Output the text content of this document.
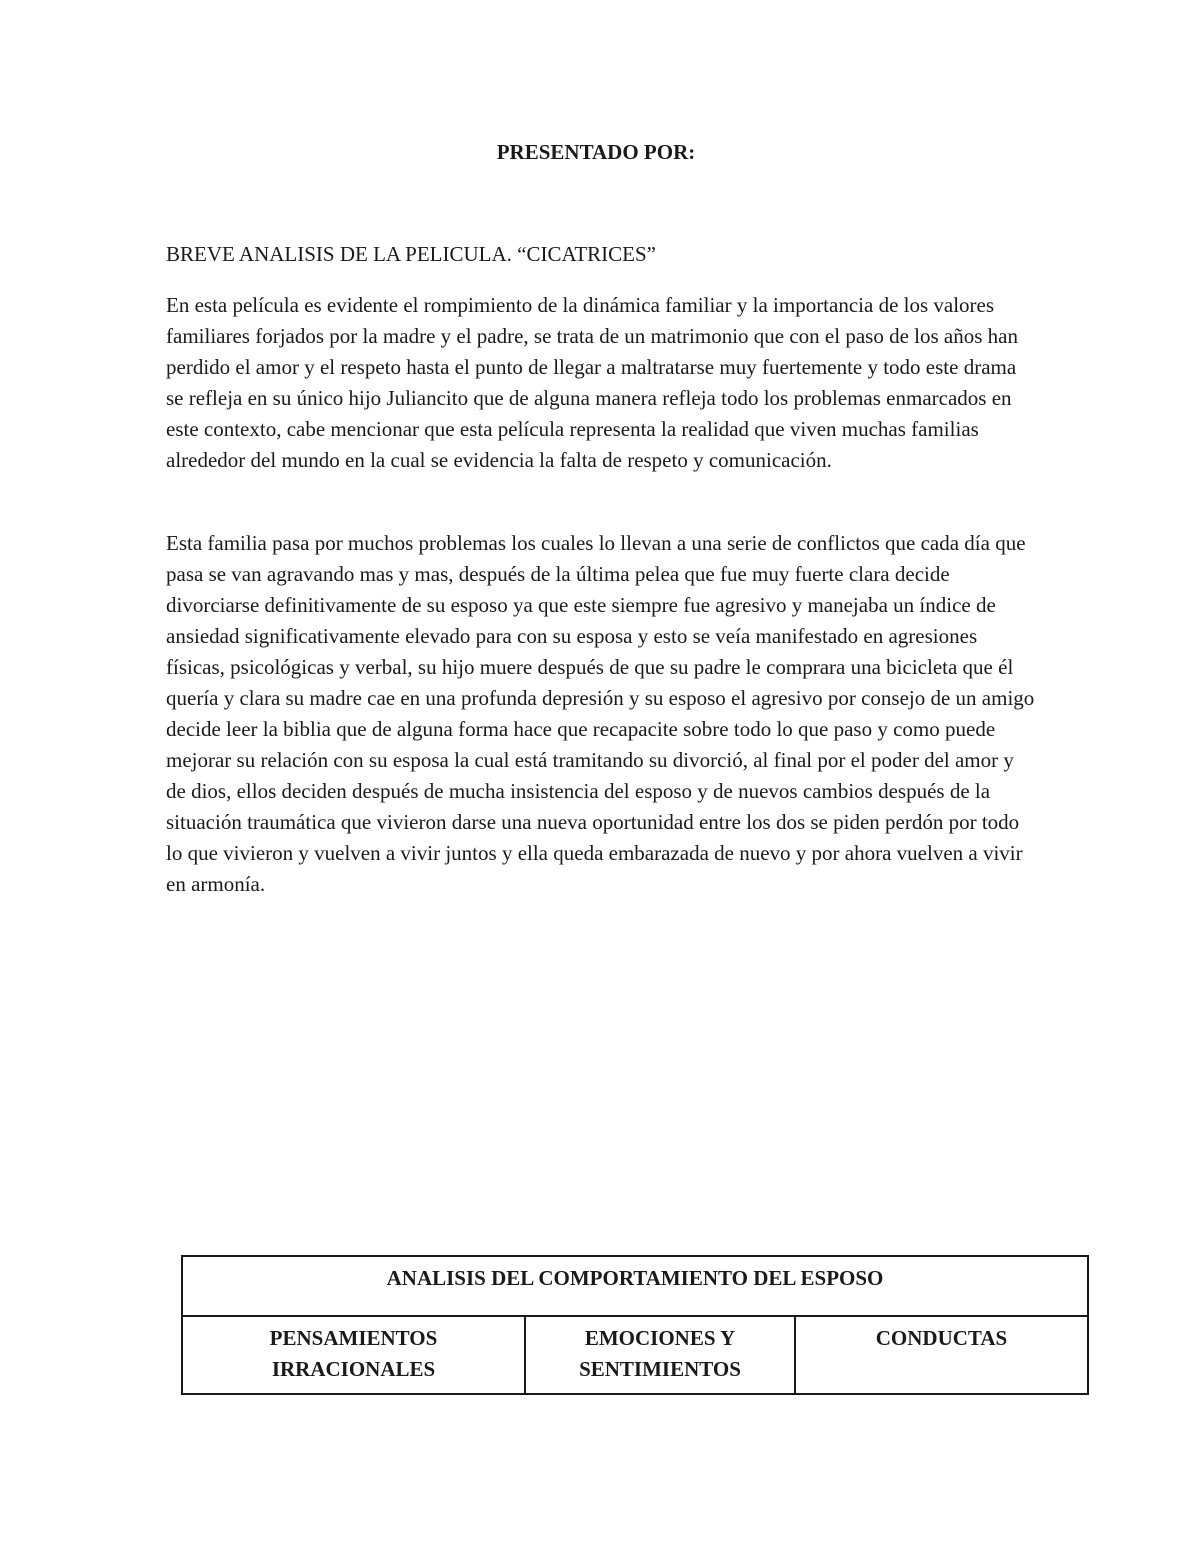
PRESENTADO POR:
BREVE ANALISIS DE LA PELICULA. “CICATRICES”

En esta película es evidente el rompimiento de la dinámica familiar y la importancia de los valores familiares forjados por la madre y el padre, se trata de un matrimonio que con el paso de los años han perdido el amor y el respeto hasta el punto de llegar a maltratarse muy fuertemente y todo este drama se refleja en su único hijo Juliancito que de alguna manera refleja todo los problemas enmarcados en este contexto, cabe mencionar que esta película representa la realidad que viven muchas familias alrededor del mundo en la cual se evidencia la falta de respeto y comunicación.

Esta familia pasa por muchos problemas los cuales lo llevan a una serie de conflictos que cada día que pasa se van agravando mas y mas, después de la última pelea que fue muy fuerte clara decide divorciarse definitivamente de su esposo ya que este siempre fue agresivo y manejaba un índice de ansiedad significativamente elevado para con su esposa y esto se veía manifestado en agresiones físicas, psicológicas y verbal, su hijo muere después de que su padre le comprara una bicicleta que él quería y clara su madre cae en una profunda depresión y su esposo el agresivo por consejo de un amigo decide leer la biblia que de alguna forma hace que recapacite sobre todo lo que paso y como puede mejorar su relación con su esposa la cual está tramitando su divorció, al final por el poder del amor y de dios, ellos deciden después de mucha insistencia del esposo y de nuevos cambios después de la situación traumática que vivieron darse una nueva oportunidad entre los dos se piden perdón por todo lo que vivieron y vuelven a vivir juntos y ella queda embarazada de nuevo y por ahora vuelven a vivir en armonía.

ANALISIS DEL COMPORTAMIENTO DEL ESPOSO
PENSAMIENTOS IRRACIONALES	EMOCIONES Y SENTIMIENTOS	CONDUCTAS
